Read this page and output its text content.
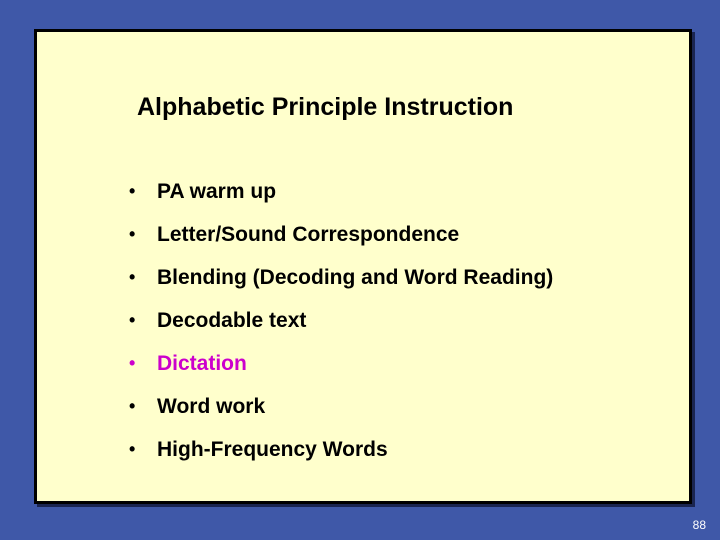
Alphabetic Principle Instruction
•	PA warm up
•	Letter/Sound Correspondence
•	Blending (Decoding and Word Reading)
•	Decodable text
•	Dictation
•	Word work
•	High-Frequency Words
88
